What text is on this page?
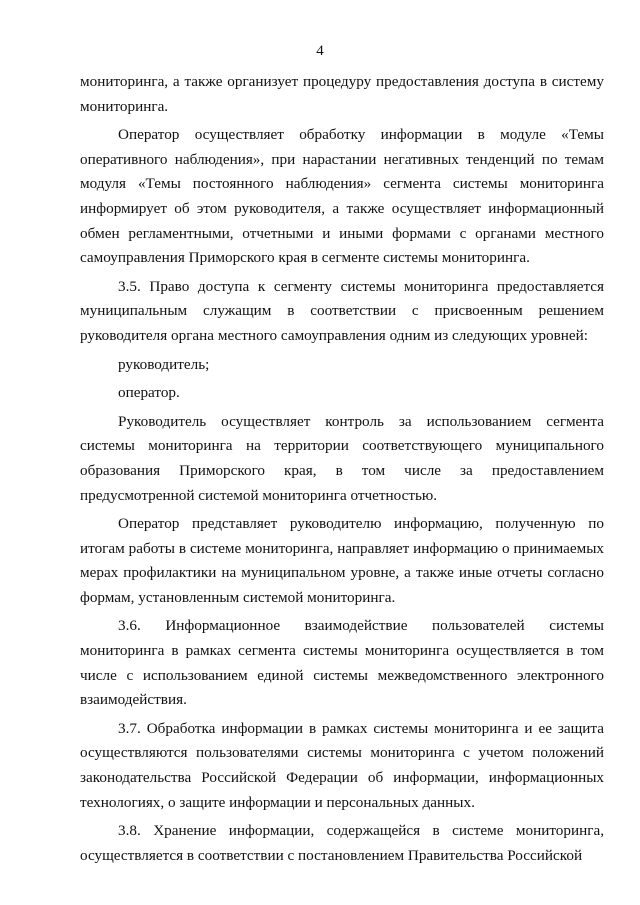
4

мониторинга, а также организует процедуру предоставления доступа в систему мониторинга.

Оператор осуществляет обработку информации в модуле «Темы оперативного наблюдения», при нарастании негативных тенденций по темам модуля «Темы постоянного наблюдения» сегмента системы мониторинга информирует об этом руководителя, а также осуществляет информационный обмен регламентными, отчетными и иными формами с органами местного самоуправления Приморского края в сегменте системы мониторинга.

3.5. Право доступа к сегменту системы мониторинга предоставляется муниципальным служащим в соответствии с присвоенным решением руководителя органа местного самоуправления одним из следующих уровней:

руководитель;

оператор.

Руководитель осуществляет контроль за использованием сегмента системы мониторинга на территории соответствующего муниципального образования Приморского края, в том числе за предоставлением предусмотренной системой мониторинга отчетностью.

Оператор представляет руководителю информацию, полученную по итогам работы в системе мониторинга, направляет информацию о принимаемых мерах профилактики на муниципальном уровне, а также иные отчеты согласно формам, установленным системой мониторинга.

3.6. Информационное взаимодействие пользователей системы мониторинга в рамках сегмента системы мониторинга осуществляется в том числе с использованием единой системы межведомственного электронного взаимодействия.

3.7. Обработка информации в рамках системы мониторинга и ее защита осуществляются пользователями системы мониторинга с учетом положений законодательства Российской Федерации об информации, информационных технологиях, о защите информации и персональных данных.

3.8. Хранение информации, содержащейся в системе мониторинга, осуществляется в соответствии с постановлением Правительства Российской
